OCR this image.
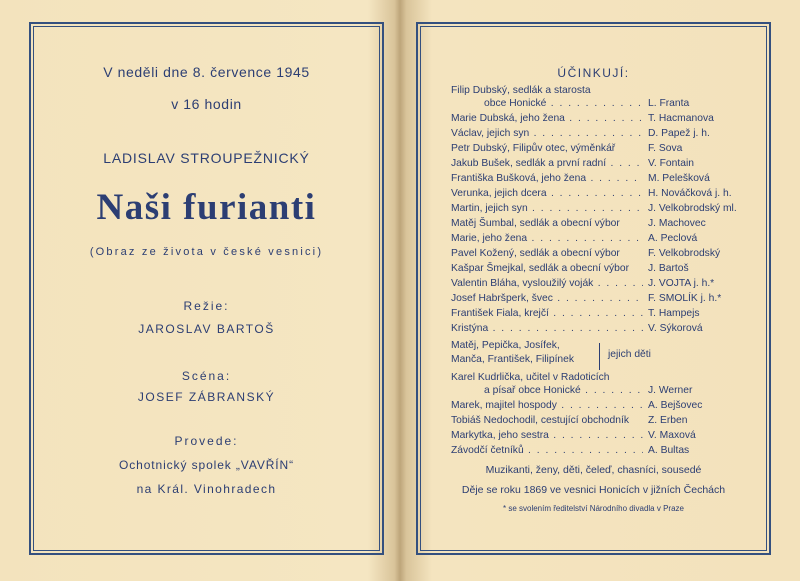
V neděli dne 8. července 1945
v 16 hodin
LADISLAV STROUPEŽNICKÝ
Naši furianti
(Obraz ze života v české vesnici)
Režie:
JAROSLAV BARTOŠ
Scéna:
JOSEF ZÁBRANSKÝ
Provede:
Ochotnický spolek „VAVŘÍN“
na Král. Vinohradech
ÚČINKUJÍ:
Filip Dubský, sedlák a starosta
obce Honické . . .	L. Franta
Marie Dubská, jeho žena . . .	T. Hacmanova
Václav, jejich syn . . .	D. Papež j. h.
Petr Dubský, Filipův otec, výměnkář	F. Sova
Jakub Bušek, sedlák a první radní . . .	V. Fontain
Františka Bušková, jeho žena . . .	M. Pelešková
Verunka, jejich dcera . . .	H. Nováčková j. h.
Martin, jejich syn . . .	J. Velkobrodský ml.
Matěj Šumbal, sedlák a obecní výbor	J. Machovec
Marie, jeho žena . . .	A. Peclová
Pavel Kožený, sedlák a obecní výbor	F. Velkobrodský
Kašpar Šmejkal, sedlák a obecní výbor	J. Bartoš
Valentin Bláha, vysloužilý voják . . .	J. VOJTA j. h.*
Josef Habršperk, švec . . .	F. SMOLÍK j. h.*
František Fiala, krejčí . . .	T. Hampejs
Kristýna . . .	V. Sýkorová
Matěj, Pepička, Josífek,
Manča, František, Filipínek	jejich děti
Karel Kudrlička, učitel v Radoticích
a písař obce Honické . . .	J. Werner
Marek, majitel hospody . . .	A. Bejšovec
Tobiáš Nedochodil, cestující obchodník	Z. Erben
Markytka, jeho sestra . . .	V. Maxová
Závodčí četníků . . .	A. Bultas
Muzikanti, ženy, děti, čeleď, chasníci, sousedé
Děje se roku 1869 ve vesnici Honicích v jižních Čechách
* se svolením ředitelství Národního divadla v Praze
